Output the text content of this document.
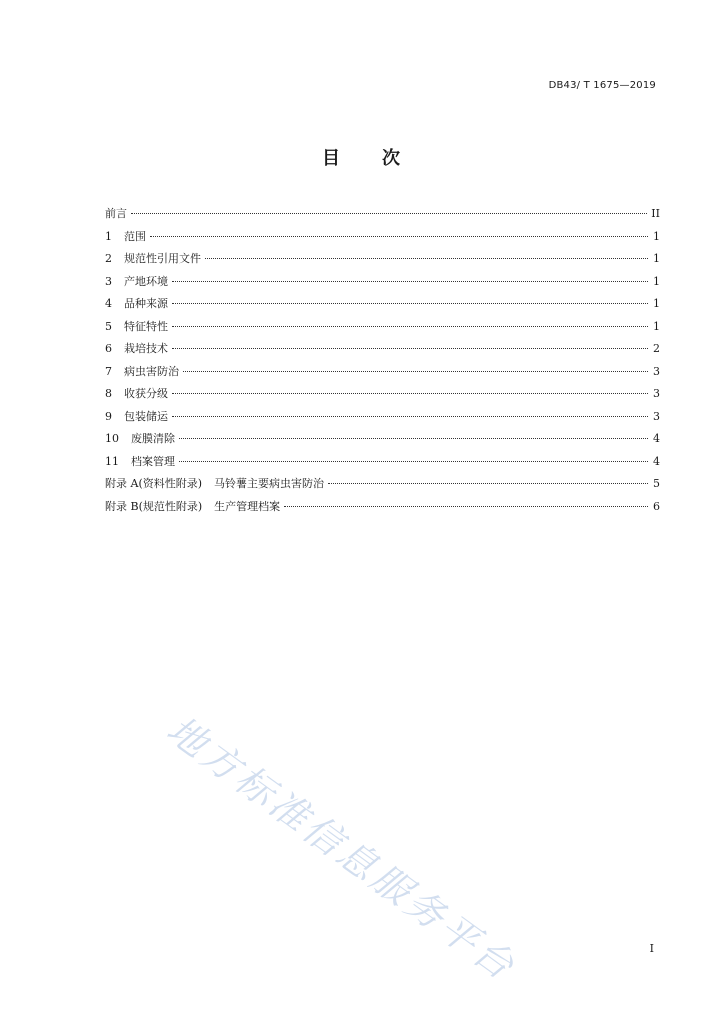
DB43/ T 1675—2019
目 次
前言	II
1 范围	1
2 规范性引用文件	1
3 产地环境	1
4 品种来源	1
5 特征特性	1
6 栽培技术	2
7 病虫害防治	3
8 收获分级	3
9 包装储运	3
10 废膜清除	4
11 档案管理	4
附录 A(资料性附录) 马铃薯主要病虫害防治	5
附录 B(规范性附录) 生产管理档案	6
地方标准信息服务平台	I
